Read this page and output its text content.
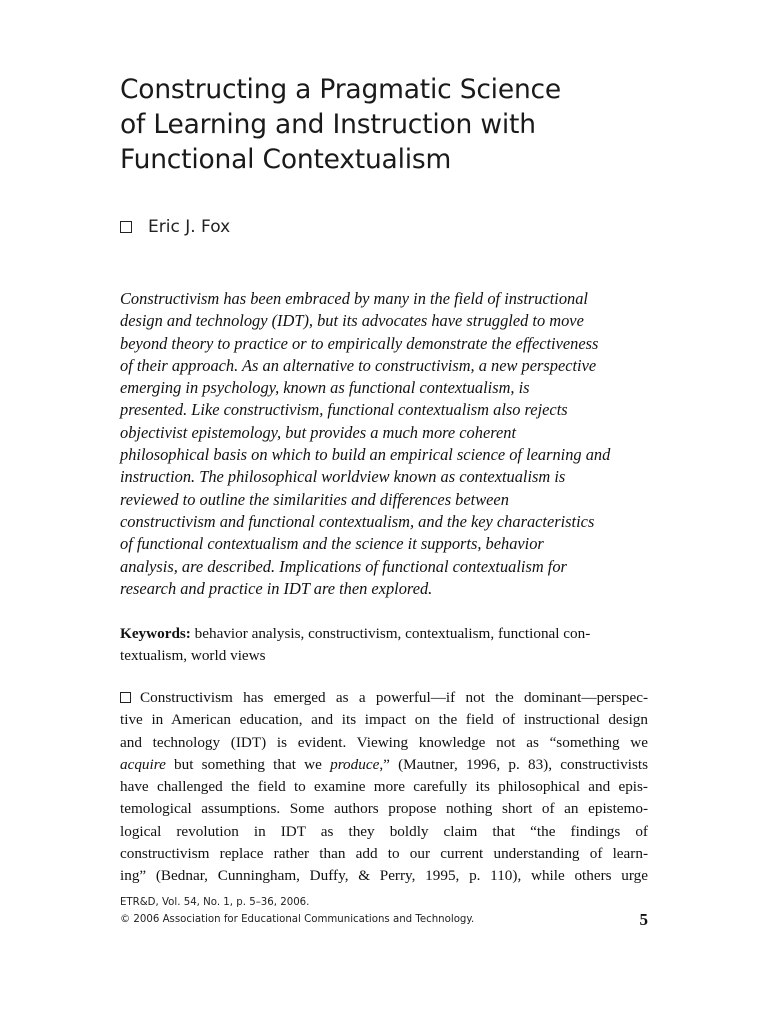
Constructing a Pragmatic Science
of Learning and Instruction with
Functional Contextualism
Eric J. Fox
Constructivism has been embraced by many in the field of instructional
design and technology (IDT), but its advocates have struggled to move
beyond theory to practice or to empirically demonstrate the effectiveness
of their approach. As an alternative to constructivism, a new perspective
emerging in psychology, known as functional contextualism, is
presented. Like constructivism, functional contextualism also rejects
objectivist epistemology, but provides a much more coherent
philosophical basis on which to build an empirical science of learning and
instruction. The philosophical worldview known as contextualism is
reviewed to outline the similarities and differences between
constructivism and functional contextualism, and the key characteristics
of functional contextualism and the science it supports, behavior
analysis, are described. Implications of functional contextualism for
research and practice in IDT are then explored.
Keywords: behavior analysis, constructivism, contextualism, functional con-
textualism, world views
Constructivism has emerged as a powerful—if not the dominant—perspec-
tive in American education, and its impact on the field of instructional design
and technology (IDT) is evident. Viewing knowledge not as “something we
acquire but something that we produce,” (Mautner, 1996, p. 83), constructivists
have challenged the field to examine more carefully its philosophical and epis-
temological assumptions. Some authors propose nothing short of an epistemo-
logical revolution in IDT as they boldly claim that “the findings of
constructivism replace rather than add to our current understanding of learn-
ing” (Bednar, Cunningham, Duffy, & Perry, 1995, p. 110), while others urge
ETR&D, Vol. 54, No. 1, p. 5–36, 2006.
© 2006 Association for Educational Communications and Technology.	5
